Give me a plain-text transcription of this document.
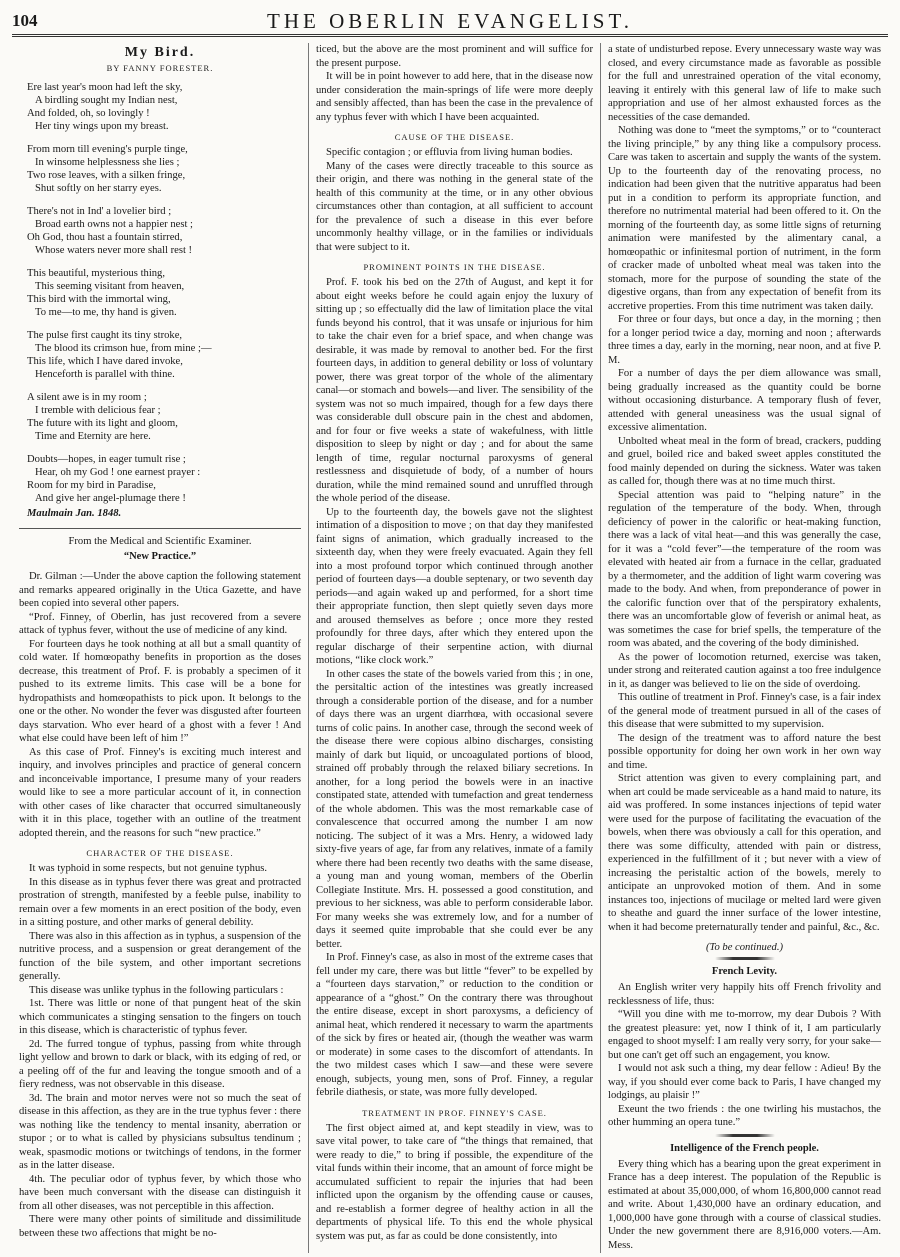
104	THE OBERLIN EVANGELIST.
My Bird.
BY FANNY FORESTER.
Ere last year's moon had left the sky,
A birdling sought my Indian nest,
And folded, oh, so lovingly !
Her tiny wings upon my breast.
From morn till evening's purple tinge,
In winsome helplessness she lies ;
Two rose leaves, with a silken fringe,
Shut softly on her starry eyes.
There's not in Ind' a lovelier bird ;
Broad earth owns not a happier nest ;
Oh God, thou hast a fountain stirred,
Whose waters never more shall rest !
This beautiful, mysterious thing,
This seeming visitant from heaven,
This bird with the immortal wing,
To me—to me, thy hand is given.
The pulse first caught its tiny stroke,
The blood its crimson hue, from mine ;—
This life, which I have dared invoke,
Henceforth is parallel with thine.
A silent awe is in my room ;
I tremble with delicious fear ;
The future with its light and gloom,
Time and Eternity are here.
Doubts—hopes, in eager tumult rise ;
Hear, oh my God ! one earnest prayer :
Room for my bird in Paradise,
And give her angel-plumage there !
Maulmain Jan. 1848.
From the Medical and Scientific Examiner.
“New Practice.”

Dr. Gilman :—Under the above caption the following statement and remarks appeared originally in the Utica Gazette, and have been copied into several other papers.

“Prof. Finney, of Oberlin, has just recovered from a severe attack of typhus fever, without the use of medicine of any kind.

For fourteen days he took nothing at all but a small quantity of cold water. If homœopathy benefits in proportion as the doses decrease, this treatment of Prof. F. is probably a specimen of it pushed to its extreme limits. This case will be a bone for hydropathists and homœopathists to pick upon. It belongs to the one or the other. No wonder the fever was disgusted after fourteen days starvation. Who ever heard of a ghost with a fever ! And what else could have been left of him !”

As this case of Prof. Finney's is exciting much interest and inquiry, and involves principles and practice of general concern and inconceivable importance, I presume many of your readers would like to see a more particular account of it, in connection with other cases of like character that occurred simultaneously with it in this place, together with an outline of the treatment adopted therein, and the reasons for such “new practice.”

CHARACTER OF THE DISEASE.

It was typhoid in some respects, but not genuine typhus.

In this disease as in typhus fever there was great and protracted prostration of strength, manifested by a feeble pulse, inability to remain over a few moments in an erect position of the body, even in a sitting posture, and other marks of general debility.

There was also in this affection as in typhus, a suspension of the nutritive process, and a suspension or great derangement of the function of the bile system, and other important secretions generally.

This disease was unlike typhus in the following particulars :

1st. There was little or none of that pungent heat of the skin which communicates a stinging sensation to the fingers on touch in this disease, which is characteristic of typhus fever.

2d. The furred tongue of typhus, passing from white through light yellow and brown to dark or black, with its edging of red, or a peeling off of the fur and leaving the tongue smooth and of a fiery redness, was not observable in this disease.

3d. The brain and motor nerves were not so much the seat of disease in this affection, as they are in the true typhus fever : there was nothing like the tendency to mental insanity, aberration or stupor ; or to what is called by physicians subsultus tendinum ; weak, spasmodic motions or twitchings of tendons, in the former as in the latter disease.

4th. The peculiar odor of typhus fever, by which those who have been much conversant with the disease can distinguish it from all other diseases, was not perceptible in this affection.

There were many other points of similitude and dissimilitude between these two affections that might be no-

ticed, but the above are the most prominent and will suffice for the present purpose.

It will be in point however to add here, that in the disease now under consideration the main-springs of life were more deeply and sensibly affected, than has been the case in the prevalence of any typhus fever with which I have been acquainted.

CAUSE OF THE DISEASE.

Specific contagion ; or effluvia from living human bodies.

Many of the cases were directly traceable to this source as their origin, and there was nothing in the general state of the health of this community at the time, or in any other obvious circumstances other than contagion, at all sufficient to account for the prevalence of such a disease in this ever before uncommonly healthy village, or in the families or individuals that were subject to it.

PROMINENT POINTS IN THE DISEASE.

Prof. F. took his bed on the 27th of August, and kept it for about eight weeks before he could again enjoy the luxury of sitting up ; so effectually did the law of limitation place the vital funds beyond his control, that it was unsafe or injurious for him to take the chair even for a brief space, and when change was desirable, it was made by removal to another bed. For the first fourteen days, in addition to general debility or loss of voluntary power, there was great torpor of the whole of the alimentary canal—or stomach and bowels—and liver. The sensibility of the system was not so much impaired, though for a few days there was considerable dull obscure pain in the chest and abdomen, and for four or five weeks a state of wakefulness, with little disposition to sleep by night or day ; and for about the same length of time, regular nocturnal paroxysms of general restlessness and disquietude of body, of a number of hours duration, while the mind remained sound and unruffled through the whole period of the disease.

Up to the fourteenth day, the bowels gave not the slightest intimation of a disposition to move ; on that day they manifested faint signs of animation, which gradually increased to the sixteenth day, when they were freely evacuated. Again they fell into a most profound torpor which continued through another period of fourteen days—a double septenary, or two seventh day periods—and again waked up and performed, for a short time their appropriate function, then slept quietly seven days more and aroused themselves as before ; once more they rested profoundly for three days, after which they entered upon the regular discharge of their serpentine action, with diurnal motions, “like clock work.”

In other cases the state of the bowels varied from this ; in one, the persitaltic action of the intestines was greatly increased through a considerable portion of the disease, and for a number of days there was an urgent diarrhœa, with occasional severe turns of colic pains. In another case, through the second week of the disease there were copious albino discharges, consisting mainly of dark but liquid, or uncoagulated portions of blood, strained off probably through the relaxed biliary secretions. In another, for a long period the bowels were in an inactive constipated state, attended with tumefaction and great tenderness of the whole abdomen. This was the most remarkable case of convalescence that occurred among the number I am now noticing. The subject of it was a Mrs. Henry, a widowed lady sixty-five years of age, far from any relatives, inmate of a family where there had been recently two deaths with the same disease, a young man and young woman, members of the Oberlin Collegiate Institute. Mrs. H. possessed a good constitution, and previous to her sickness, was able to perform considerable labor. For many weeks she was extremely low, and for a number of days it seemed quite improbable that she could ever be any better.

In Prof. Finney's case, as also in most of the extreme cases that fell under my care, there was but little “fever” to be expelled by a “fourteen days starvation,” or reduction to the condition or appearance of a “ghost.” On the contrary there was throughout the entire disease, except in short paroxysms, a deficiency of animal heat, which rendered it necessary to warm the apartments of the sick by fires or heated air, (though the weather was warm or moderate) in some cases to the discomfort of attendants. In the two mildest cases which I saw—and these were severe enough, subjects, young men, sons of Prof. Finney, a regular febrile diathesis, or state, was more fully developed.

TREATMENT IN PROF. FINNEY'S CASE.

The first object aimed at, and kept steadily in view, was to save vital power, to take care of “the things that remained, that were ready to die,” to bring if possible, the expenditure of the vital funds within their income, that an amount of force might be accumulated sufficient to repair the injuries that had been inflicted upon the organism by the offending cause or causes, and re-establish a former degree of healthy action in all the departments of physical life. To this end the whole physical system was put, as far as could be done consistently, into

a state of undisturbed repose. Every unnecessary waste way was closed, and every circumstance made as favorable as possible for the full and unrestrained operation of the vital economy, leaving it entirely with this general law of life to make such appropriation and use of her almost exhausted forces as the necessities of the case demanded.

Nothing was done to “meet the symptoms,” or to “counteract the living principle,” by any thing like a compulsory process. Care was taken to ascertain and supply the wants of the system. Up to the fourteenth day of the renovating process, no indication had been given that the nutritive apparatus had been put in a condition to perform its appropriate function, and therefore no nutrimental material had been offered to it. On the morning of the fourteenth day, as some little signs of returning animation were manifested by the alimentary canal, a homœopathic or infinitesmal portion of nutriment, in the form of cracker made of unbolted wheat meal was taken into the stomach, more for the purpose of sounding the state of the digestive organs, than from any expectation of benefit from its accretive properties. From this time nutriment was taken daily.

For three or four days, but once a day, in the morning ; then for a longer period twice a day, morning and noon ; afterwards three times a day, early in the morning, near noon, and at five P. M.

For a number of days the per diem allowance was small, being gradually increased as the quantity could be borne without occasioning disturbance. A temporary flush of fever, attended with general uneasiness was the usual signal of excessive alimentation.

Unbolted wheat meal in the form of bread, crackers, pudding and gruel, boiled rice and baked sweet apples constituted the food mainly depended on during the sickness. Water was taken as called for, though there was at no time much thirst.

Special attention was paid to “helping nature” in the regulation of the temperature of the body. When, through deficiency of power in the calorific or heat-making function, there was a lack of vital heat—and this was generally the case, for it was a “cold fever”—the temperature of the room was elevated with heated air from a furnace in the cellar, graduated by a thermometer, and the addition of light warm covering was made to the body. And when, from preponderance of power in the calorific function over that of the perspiratory exhalents, there was an uncomfortable glow of feverish or animal heat, as was sometimes the case for brief spells, the temperature of the room was abated, and the covering of the body diminished.

As the power of locomotion returned, exercise was taken, under strong and reiterated caution against a too free indulgence in it, as danger was believed to lie on the side of overdoing.

This outline of treatment in Prof. Finney's case, is a fair index of the general mode of treatment pursued in all of the cases of this disease that were submitted to my supervision.

The design of the treatment was to afford nature the best possible opportunity for doing her own work in her own way and time.

Strict attention was given to every complaining part, and when art could be made serviceable as a hand maid to nature, its aid was proffered. In some instances injections of tepid water were used for the purpose of facilitating the evacuation of the bowels, when there was obviously a call for this operation, and there was some difficulty, attended with pain or distress, experienced in the fulfillment of it ; but never with a view of increasing the peristaltic action of the bowels, merely to anticipate an unprovoked motion of them. And in some instances too, injections of mucilage or melted lard were given to sheathe and guard the inner surface of the lower intestine, when it had become preternaturally tender and painful, &c., &c.

(To be continued.)
French Levity.

An English writer very happily hits off French frivolity and recklessness of life, thus:

“Will you dine with me to-morrow, my dear Dubois ? With the greatest pleasure: yet, now I think of it, I am particularly engaged to shoot myself: I am really very sorry, for your sake—but one can't get off such an engagement, you know.

I would not ask such a thing, my dear fellow : Adieu! By the way, if you should ever come back to Paris, I have changed my lodgings, au plaisir !”

Exeunt the two friends : the one twirling his mustachos, the other humming an opera tune.”

Intelligence of the French people.

Every thing which has a bearing upon the great experiment in France has a deep interest. The population of the Republic is estimated at about 35,000,000, of whom 16,800,000 cannot read and write. About 1,430,000 have an ordinary education, and 1,000,000 have gone through with a course of classical studies. Under the new government there are 8,916,000 voters.—Am. Mess.
